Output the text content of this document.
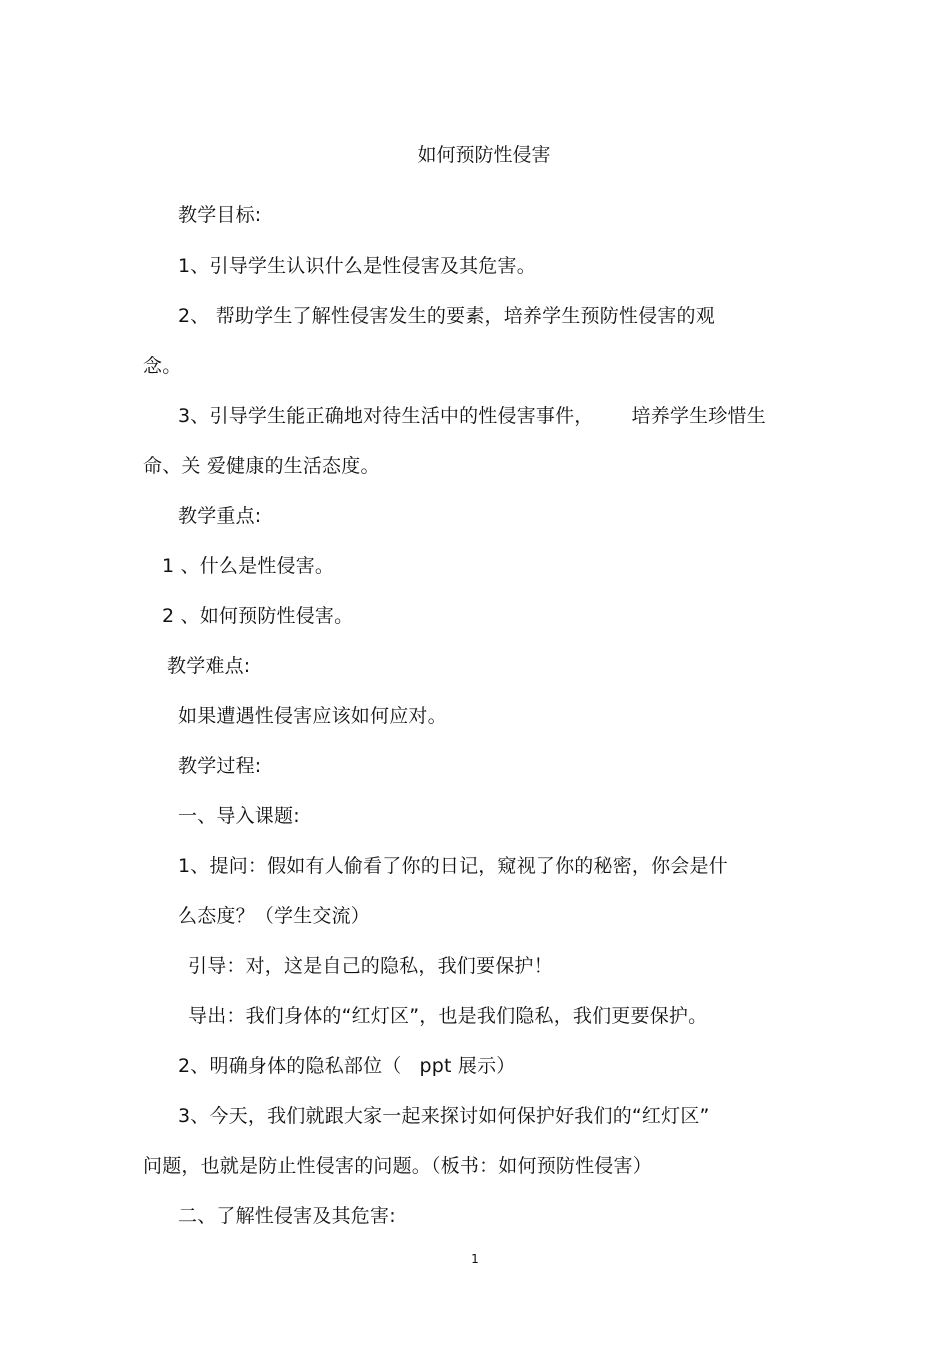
如何预防性侵害
教学目标:
1、引导学生认识什么是性侵害及其危害。
2、 帮助学生了解性侵害发生的要素，培养学生预防性侵害的观
念。
3、引导学生能正确地对待生活中的性侵害事件， 培养学生珍惜生
命、关 爱健康的生活态度。
教学重点:
1 、什么是性侵害。
2 、如何预防性侵害。
教学难点:
如果遭遇性侵害应该如何应对。
教学过程:
一、导入课题:
1、提问：假如有人偷看了你的日记，窥视了你的秘密，你会是什
么态度？（学生交流）
引导：对，这是自己的隐私，我们要保护！
导出：我们身体的“红灯区”，也是我们隐私，我们更要保护。
2、明确身体的隐私部位（ ppt 展示）
3、今天，我们就跟大家一起来探讨如何保护好我们的“红灯区”
问题，也就是防止性侵害的问题。（板书：如何预防性侵害）
二、了解性侵害及其危害:
1
